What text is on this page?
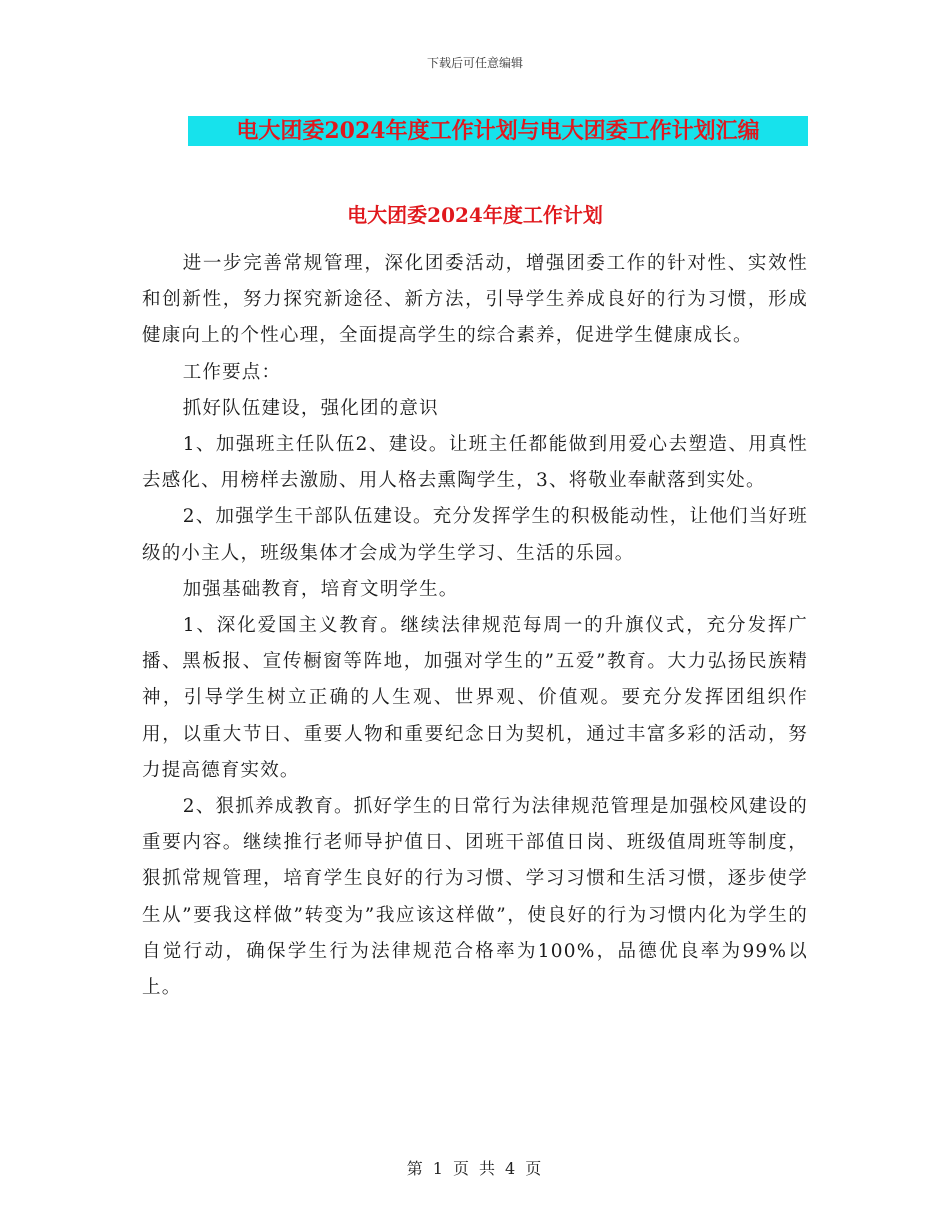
下载后可任意编辑
电大团委2024年度工作计划与电大团委工作计划汇编
电大团委2024年度工作计划

进一步完善常规管理，深化团委活动，增强团委工作的针对性、实效性和创新性，努力探究新途径、新方法，引导学生养成良好的行为习惯，形成健康向上的个性心理，全面提高学生的综合素养，促进学生健康成长。

工作要点：

抓好队伍建设，强化团的意识

1、加强班主任队伍2、建设。让班主任都能做到用爱心去塑造、用真性去感化、用榜样去激励、用人格去熏陶学生，3、将敬业奉献落到实处。

2、加强学生干部队伍建设。充分发挥学生的积极能动性，让他们当好班级的小主人，班级集体才会成为学生学习、生活的乐园。

加强基础教育，培育文明学生。

1、深化爱国主义教育。继续法律规范每周一的升旗仪式，充分发挥广播、黑板报、宣传橱窗等阵地，加强对学生的”五爱”教育。大力弘扬民族精神，引导学生树立正确的人生观、世界观、价值观。要充分发挥团组织作用，以重大节日、重要人物和重要纪念日为契机，通过丰富多彩的活动，努力提高德育实效。

2、狠抓养成教育。抓好学生的日常行为法律规范管理是加强校风建设的重要内容。继续推行老师导护值日、团班干部值日岗、班级值周班等制度，狠抓常规管理，培育学生良好的行为习惯、学习习惯和生活习惯，逐步使学生从”要我这样做”转变为”我应该这样做”，使良好的行为习惯内化为学生的自觉行动，确保学生行为法律规范合格率为100%，品德优良率为99%以上。

第 1 页 共 4 页
